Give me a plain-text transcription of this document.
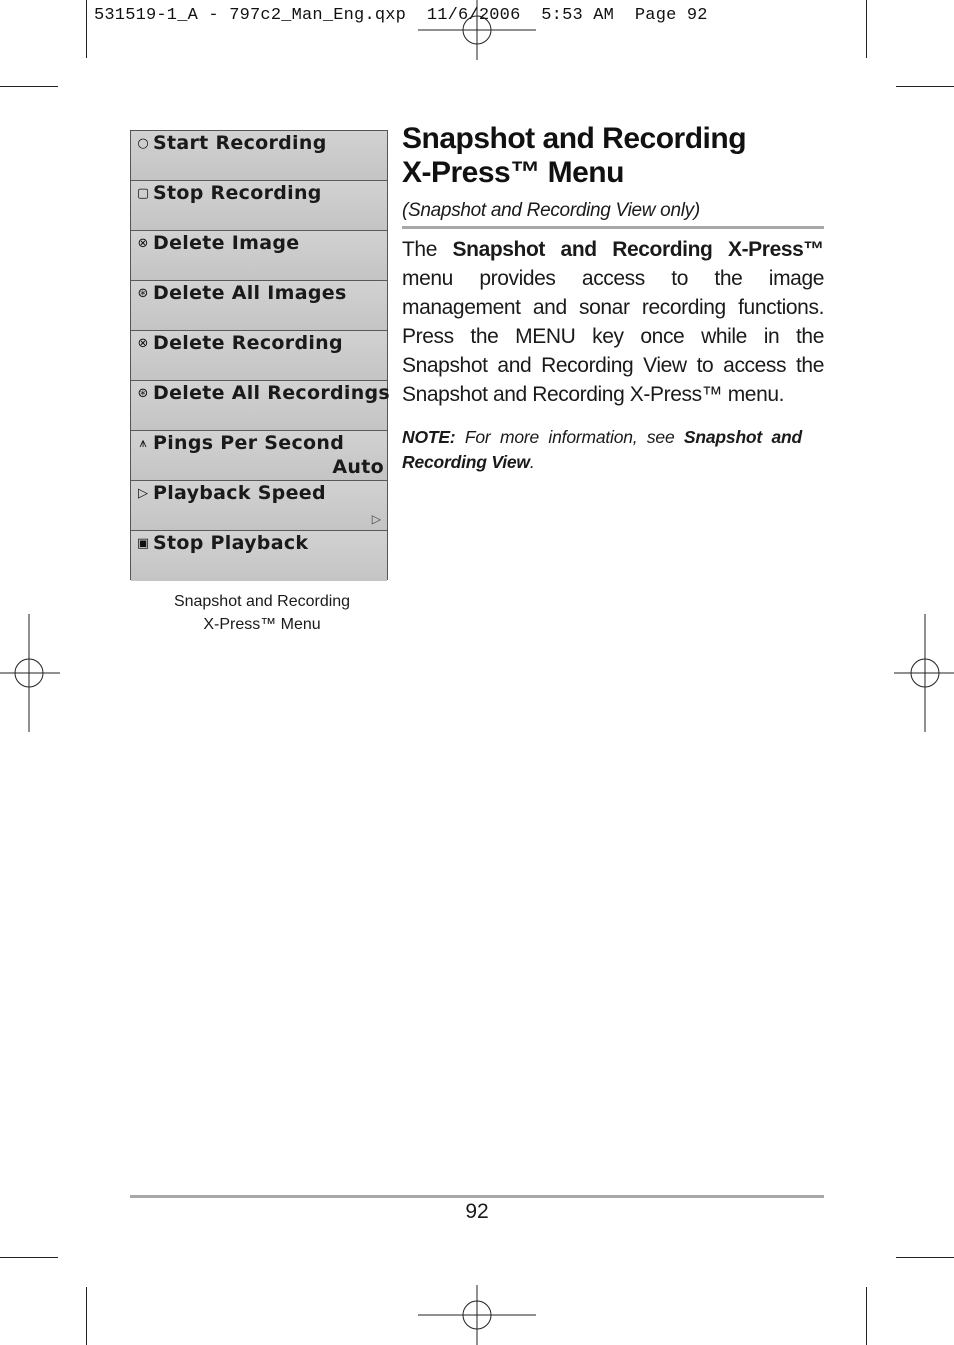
531519-1_A - 797c2_Man_Eng.qxp  11/6/2006  5:53 AM  Page 92
○ Start Recording
▢ Stop Recording
⊗ Delete Image
⊛ Delete All Images
⊗ Delete Recording
⊛ Delete All Recordings
⩚ Pings Per Second
Auto
▷ Playback Speed
▷
▣ Stop Playback
Snapshot and Recording
X-Press™ Menu
Snapshot and Recording
X-Press™ Menu
(Snapshot and Recording View only)

The Snapshot and Recording X-Press™ menu provides access to the image management and sonar recording functions. Press the MENU key once while in the Snapshot and Recording View to access the Snapshot and Recording X-Press™ menu.

NOTE: For more information, see Snapshot and Recording View.

92
